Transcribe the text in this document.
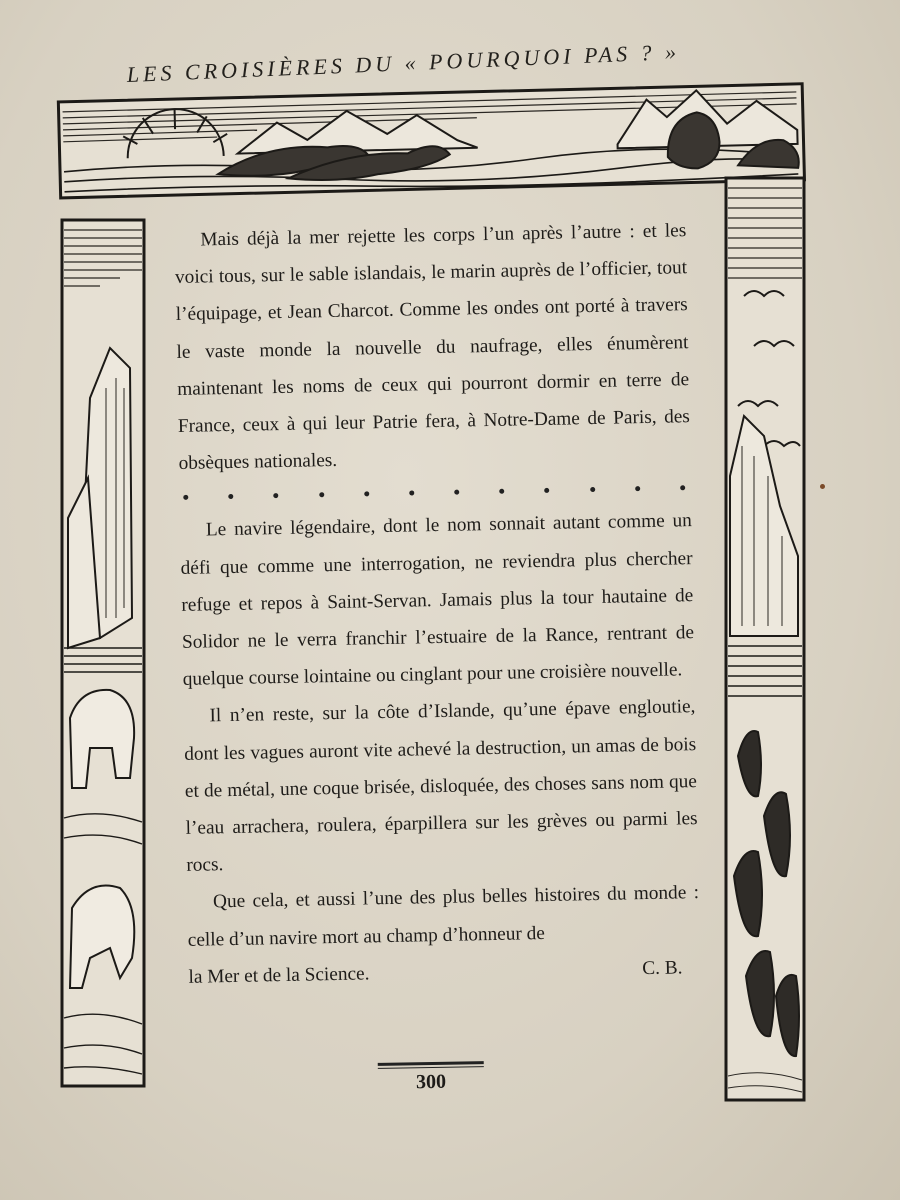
LES CROISIÈRES DU « POURQUOI PAS ? »

Mais déjà la mer rejette les corps l’un après l’autre : et les voici tous, sur le sable islandais, le marin auprès de l’officier, tout l’équipage, et Jean Charcot. Comme les ondes ont porté à travers le vaste monde la nouvelle du naufrage, elles énumèrent maintenant les noms de ceux qui pourront dormir en terre de France, ceux à qui leur Patrie fera, à Notre-Dame de Paris, des obsèques nationales.

Le navire légendaire, dont le nom sonnait autant comme un défi que comme une interrogation, ne reviendra plus chercher refuge et repos à Saint-Servan. Jamais plus la tour hautaine de Solidor ne le verra franchir l’estuaire de la Rance, rentrant de quelque course lointaine ou cinglant pour une croisière nouvelle.

Il n’en reste, sur la côte d’Islande, qu’une épave engloutie, dont les vagues auront vite achevé la destruction, un amas de bois et de métal, une coque brisée, disloquée, des choses sans nom que l’eau arrachera, roulera, éparpillera sur les grèves ou parmi les rocs.

Que cela, et aussi l’une des plus belles histoires du monde : celle d’un navire mort au champ d’honneur de

la Mer et de la Science.	C. B.
300
